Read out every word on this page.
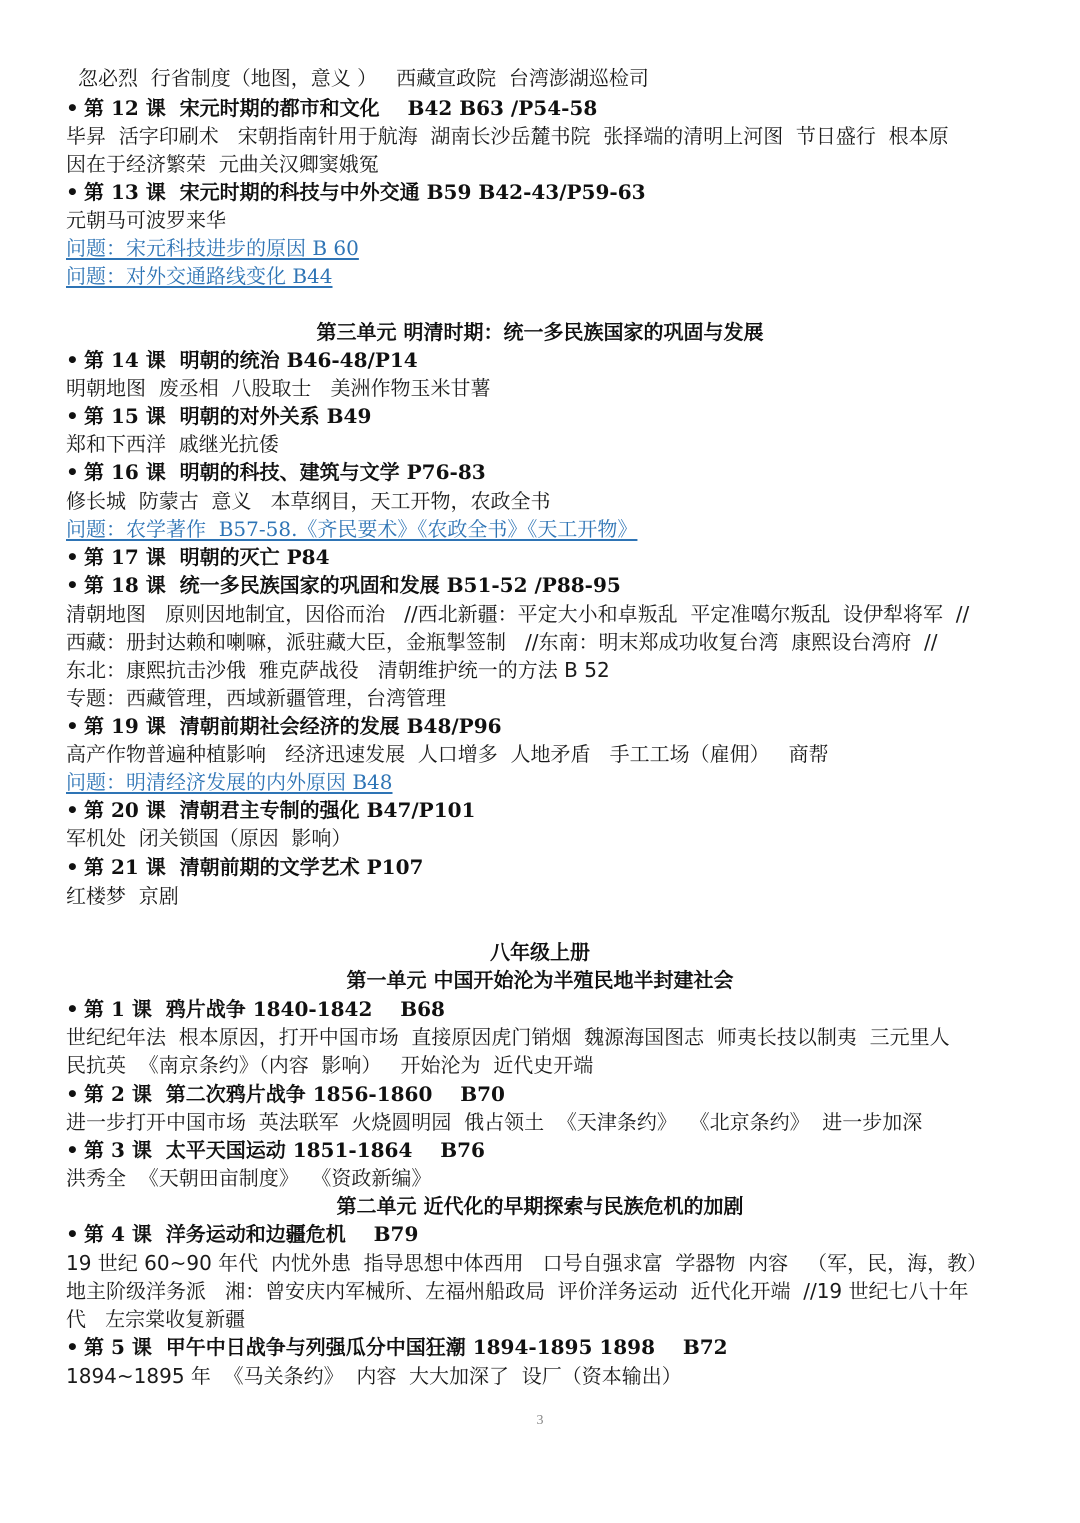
忽必烈  行省制度（地图，意义 ）   西藏宣政院  台湾澎湖巡检司
• 第 12 课  宋元时期的都市和文化    B42 B63 /P54-58
毕昇  活字印刷术   宋朝指南针用于航海  湖南长沙岳麓书院  张择端的清明上河图  节日盛行  根本原
因在于经济繁荣  元曲关汉卿窦娥冤
• 第 13 课  宋元时期的科技与中外交通 B59 B42-43/P59-63
元朝马可波罗来华
问题：宋元科技进步的原因 B 60
问题：对外交通路线变化 B44
第三单元 明清时期：统一多民族国家的巩固与发展
• 第 14 课  明朝的统治 B46-48/P14
明朝地图  废丞相  八股取士   美洲作物玉米甘薯
• 第 15 课  明朝的对外关系 B49
郑和下西洋  戚继光抗倭
• 第 16 课  明朝的科技、建筑与文学 P76-83
修长城  防蒙古  意义   本草纲目，天工开物，农政全书
问题：农学著作  B57-58.《齐民要术》《农政全书》《天工开物》
• 第 17 课  明朝的灭亡 P84
• 第 18 课  统一多民族国家的巩固和发展 B51-52 /P88-95
清朝地图   原则因地制宜，因俗而治   //西北新疆：平定大小和卓叛乱  平定准噶尔叛乱  设伊犁将军  //
西藏：册封达赖和喇嘛，派驻藏大臣，金瓶掣签制   //东南：明末郑成功收复台湾  康熙设台湾府  //
东北：康熙抗击沙俄  雅克萨战役   清朝维护统一的方法 B 52
专题：西藏管理，西域新疆管理，台湾管理
• 第 19 课  清朝前期社会经济的发展 B48/P96
高产作物普遍种植影响   经济迅速发展  人口增多  人地矛盾   手工工场（雇佣）   商帮
问题：明清经济发展的内外原因 B48
• 第 20 课  清朝君主专制的强化 B47/P101
军机处  闭关锁国（原因  影响）
• 第 21 课  清朝前期的文学艺术 P107
红楼梦  京剧
八年级上册
第一单元 中国开始沦为半殖民地半封建社会
• 第 1 课  鸦片战争 1840-1842    B68
世纪纪年法  根本原因，打开中国市场  直接原因虎门销烟  魏源海国图志  师夷长技以制夷  三元里人
民抗英  《南京条约》（内容  影响）   开始沦为  近代史开端
• 第 2 课  第二次鸦片战争 1856-1860    B70
进一步打开中国市场  英法联军  火烧圆明园  俄占领土  《天津条约》  《北京条约》  进一步加深
• 第 3 课  太平天国运动 1851-1864    B76
洪秀全  《天朝田亩制度》  《资政新编》
第二单元 近代化的早期探索与民族危机的加剧
• 第 4 课  洋务运动和边疆危机    B79
19 世纪 60~90 年代  内忧外患  指导思想中体西用   口号自强求富  学器物  内容   （军，民，海，教）
地主阶级洋务派   湘：曾安庆内军械所、左福州船政局  评价洋务运动  近代化开端  //19 世纪七八十年
代   左宗棠收复新疆
• 第 5 课  甲午中日战争与列强瓜分中国狂潮 1894-1895 1898    B72
1894~1895 年  《马关条约》  内容  大大加深了  设厂（资本输出）
3
